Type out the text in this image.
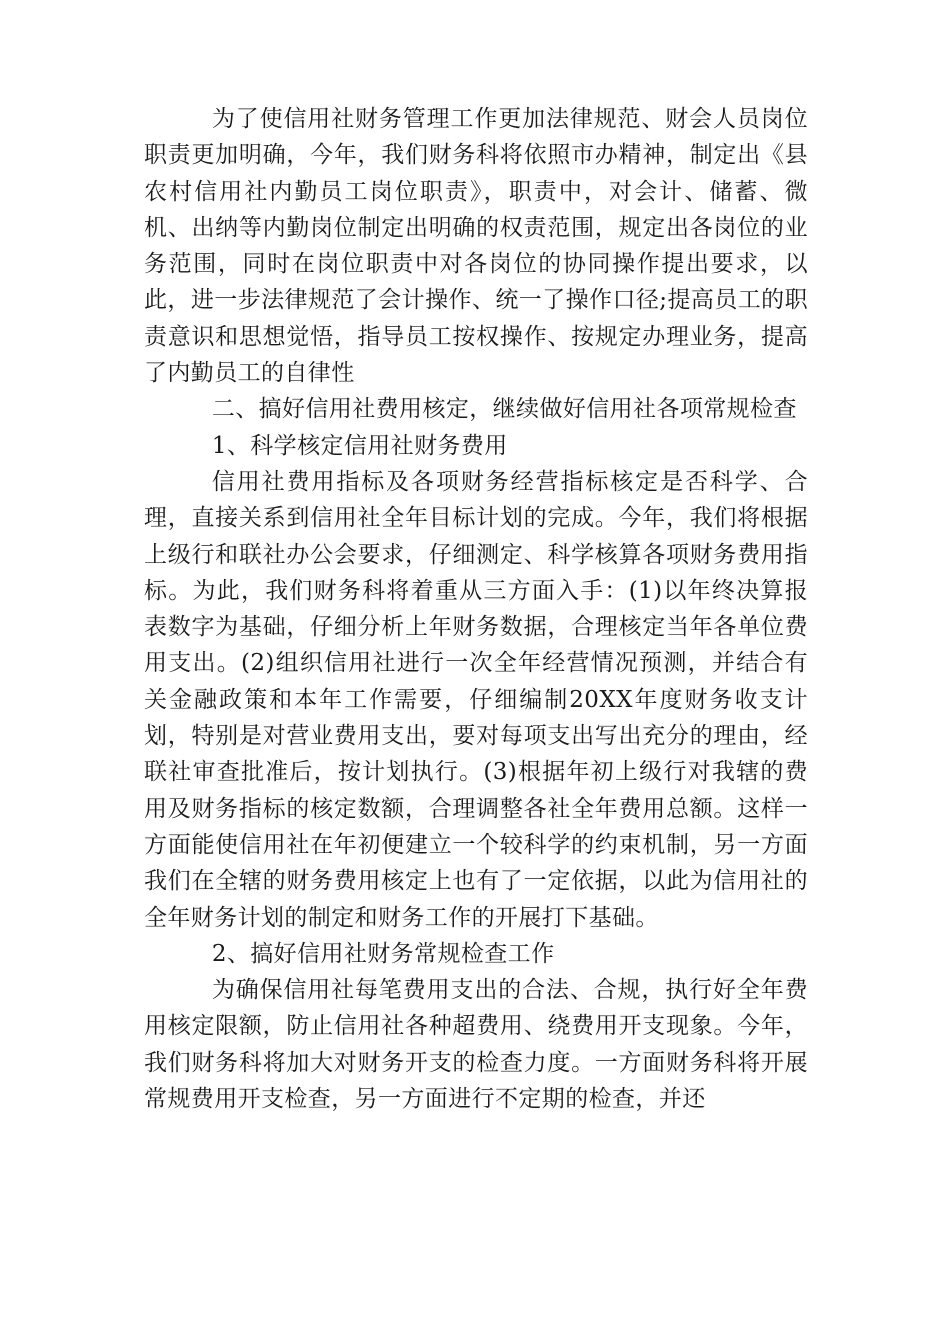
为了使信用社财务管理工作更加法律规范、财会人员岗位职责更加明确，今年，我们财务科将依照市办精神，制定出《县农村信用社内勤员工岗位职责》，职责中，对会计、储蓄、微机、出纳等内勤岗位制定出明确的权责范围，规定出各岗位的业务范围，同时在岗位职责中对各岗位的协同操作提出要求，以此，进一步法律规范了会计操作、统一了操作口径;提高员工的职责意识和思想觉悟，指导员工按权操作、按规定办理业务，提高了内勤员工的自律性

二、搞好信用社费用核定，继续做好信用社各项常规检查

1、科学核定信用社财务费用

信用社费用指标及各项财务经营指标核定是否科学、合理，直接关系到信用社全年目标计划的完成。今年，我们将根据上级行和联社办公会要求，仔细测定、科学核算各项财务费用指标。为此，我们财务科将着重从三方面入手：(1)以年终决算报表数字为基础，仔细分析上年财务数据，合理核定当年各单位费用支出。(2)组织信用社进行一次全年经营情况预测，并结合有关金融政策和本年工作需要，仔细编制20XX年度财务收支计划，特别是对营业费用支出，要对每项支出写出充分的理由，经联社审查批准后，按计划执行。(3)根据年初上级行对我辖的费用及财务指标的核定数额，合理调整各社全年费用总额。这样一方面能使信用社在年初便建立一个较科学的约束机制，另一方面我们在全辖的财务费用核定上也有了一定依据，以此为信用社的全年财务计划的制定和财务工作的开展打下基础。

2、搞好信用社财务常规检查工作

为确保信用社每笔费用支出的合法、合规，执行好全年费用核定限额，防止信用社各种超费用、绕费用开支现象。今年，我们财务科将加大对财务开支的检查力度。一方面财务科将开展常规费用开支检查，另一方面进行不定期的检查，并还
